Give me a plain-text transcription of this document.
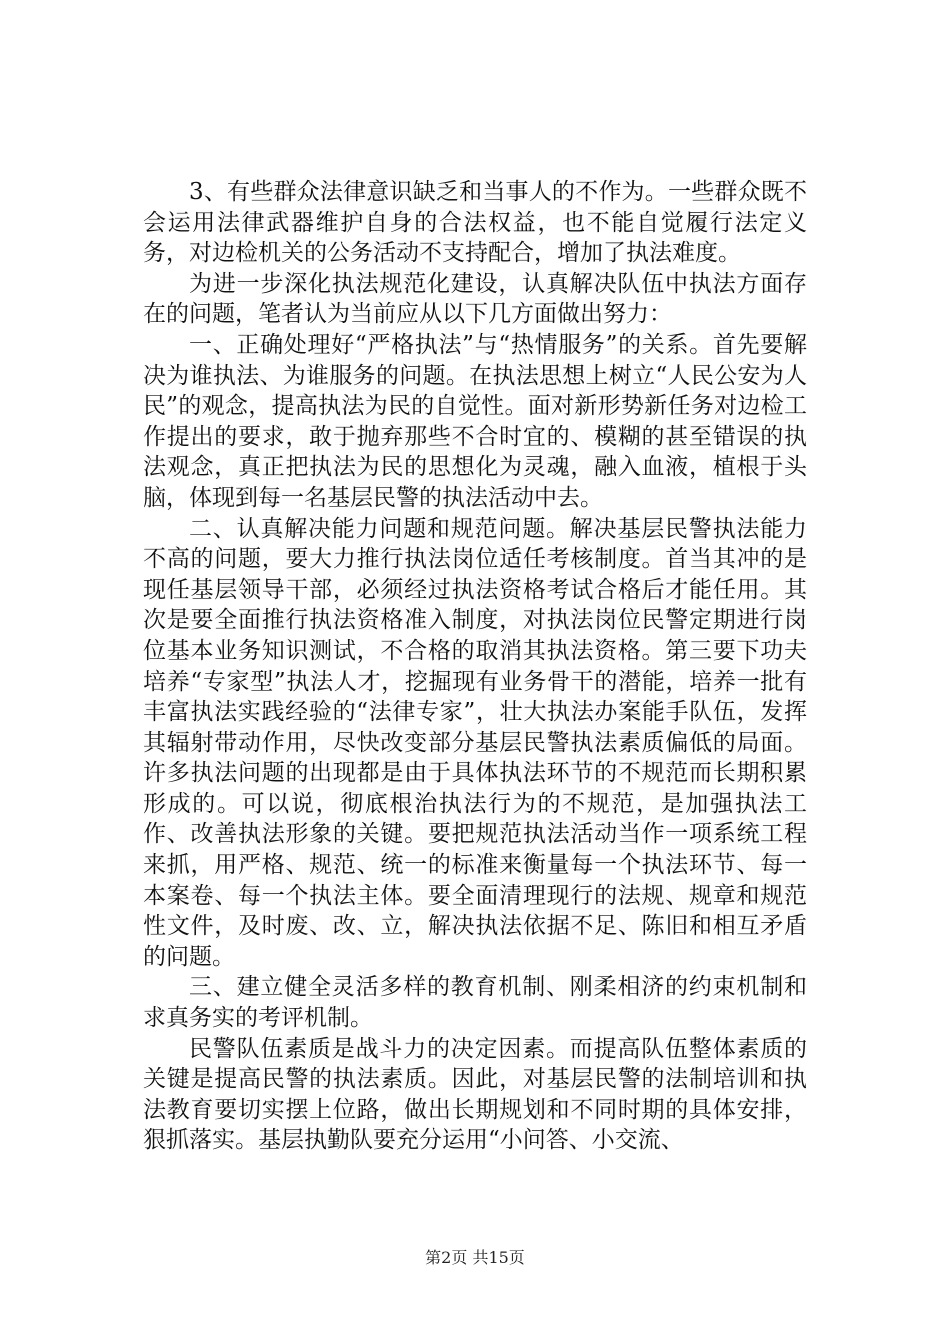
3、有些群众法律意识缺乏和当事人的不作为。一些群众既不会运用法律武器维护自身的合法权益，也不能自觉履行法定义务，对边检机关的公务活动不支持配合，增加了执法难度。

为进一步深化执法规范化建设，认真解决队伍中执法方面存在的问题，笔者认为当前应从以下几方面做出努力：

一、正确处理好“严格执法”与“热情服务”的关系。首先要解决为谁执法、为谁服务的问题。在执法思想上树立“人民公安为人民”的观念，提高执法为民的自觉性。面对新形势新任务对边检工作提出的要求，敢于抛弃那些不合时宜的、模糊的甚至错误的执法观念，真正把执法为民的思想化为灵魂，融入血液，植根于头脑，体现到每一名基层民警的执法活动中去。

二、认真解决能力问题和规范问题。解决基层民警执法能力不高的问题，要大力推行执法岗位适任考核制度。首当其冲的是现任基层领导干部，必须经过执法资格考试合格后才能任用。其次是要全面推行执法资格准入制度，对执法岗位民警定期进行岗位基本业务知识测试，不合格的取消其执法资格。第三要下功夫培养“专家型”执法人才，挖掘现有业务骨干的潜能，培养一批有丰富执法实践经验的“法律专家”，壮大执法办案能手队伍，发挥其辐射带动作用，尽快改变部分基层民警执法素质偏低的局面。许多执法问题的出现都是由于具体执法环节的不规范而长期积累形成的。可以说，彻底根治执法行为的不规范，是加强执法工作、改善执法形象的关键。要把规范执法活动当作一项系统工程来抓，用严格、规范、统一的标准来衡量每一个执法环节、每一本案卷、每一个执法主体。要全面清理现行的法规、规章和规范性文件，及时废、改、立，解决执法依据不足、陈旧和相互矛盾的问题。

三、建立健全灵活多样的教育机制、刚柔相济的约束机制和求真务实的考评机制。

民警队伍素质是战斗力的决定因素。而提高队伍整体素质的关键是提高民警的执法素质。因此，对基层民警的法制培训和执法教育要切实摆上位路，做出长期规划和不同时期的具体安排，狠抓落实。基层执勤队要充分运用“小问答、小交流、

第2页 共15页
